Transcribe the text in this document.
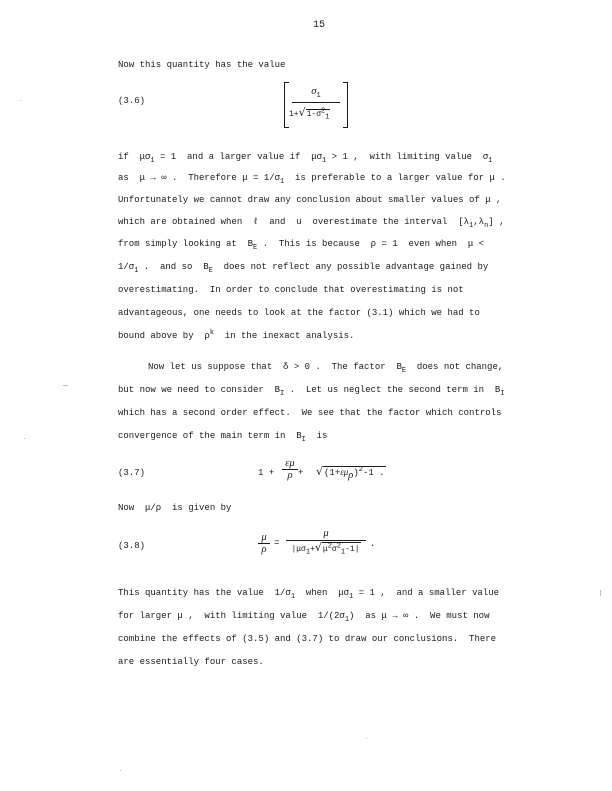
15
Now this quantity has the value
(3.6)
$\sigma_1$
$1+√1-\sigma^2_1$
if  $\mu\sigma_1 = 1$  and a larger value if  $\mu\sigma_1 > 1$ ,  with limiting value  $\sigma_1$
as  μ → ∞ .  Therefore $\mu = 1/\sigma_1$  is preferable to a larger value for μ .
Unfortunately we cannot draw any conclusion about smaller values of μ ,
which are obtained when  ℓ  and  u  overestimate the interval  $[\lambda_1,\lambda_n]$ ,
from simply looking at  $B_E$ .  This is because  ρ = 1  even when  μ <
$1/\sigma_1$ .  and so  $B_E$  does not reflect any possible advantage gained by
overestimating.  In order to conclude that overestimating is not
advantageous, one needs to look at the factor (3.1) which we had to
bound above by  $\rho^k$  in the inexact analysis.
Now let us suppose that  δ > 0 .  The factor  $B_E$  does not change,
but now we need to consider  $B_I$ .  Let us neglect the second term in  $B_I$
which has a second order effect.  We see that the factor which controls
convergence of the main term in  $B_I$  is
(3.7)	1 +
εμ
$\rho + √(1+\varepsilon\mu_\rho)^2-1$ .
Now  μ/ρ  is given by
(3.8)
μ
ρ
=
μ
$|\mu\sigma_1+√\mu^2\sigma^2_1-1|$
.
This quantity has the value  $1/\sigma_1$  when  $\mu\sigma_1 = 1$ ,  and a smaller value
for larger μ ,  with limiting value  $1/(2\sigma_1)$  as μ → ∞ .  We must now
combine the effects of (3.5) and (3.7) to draw our conclusions.  There
are essentially four cases.
